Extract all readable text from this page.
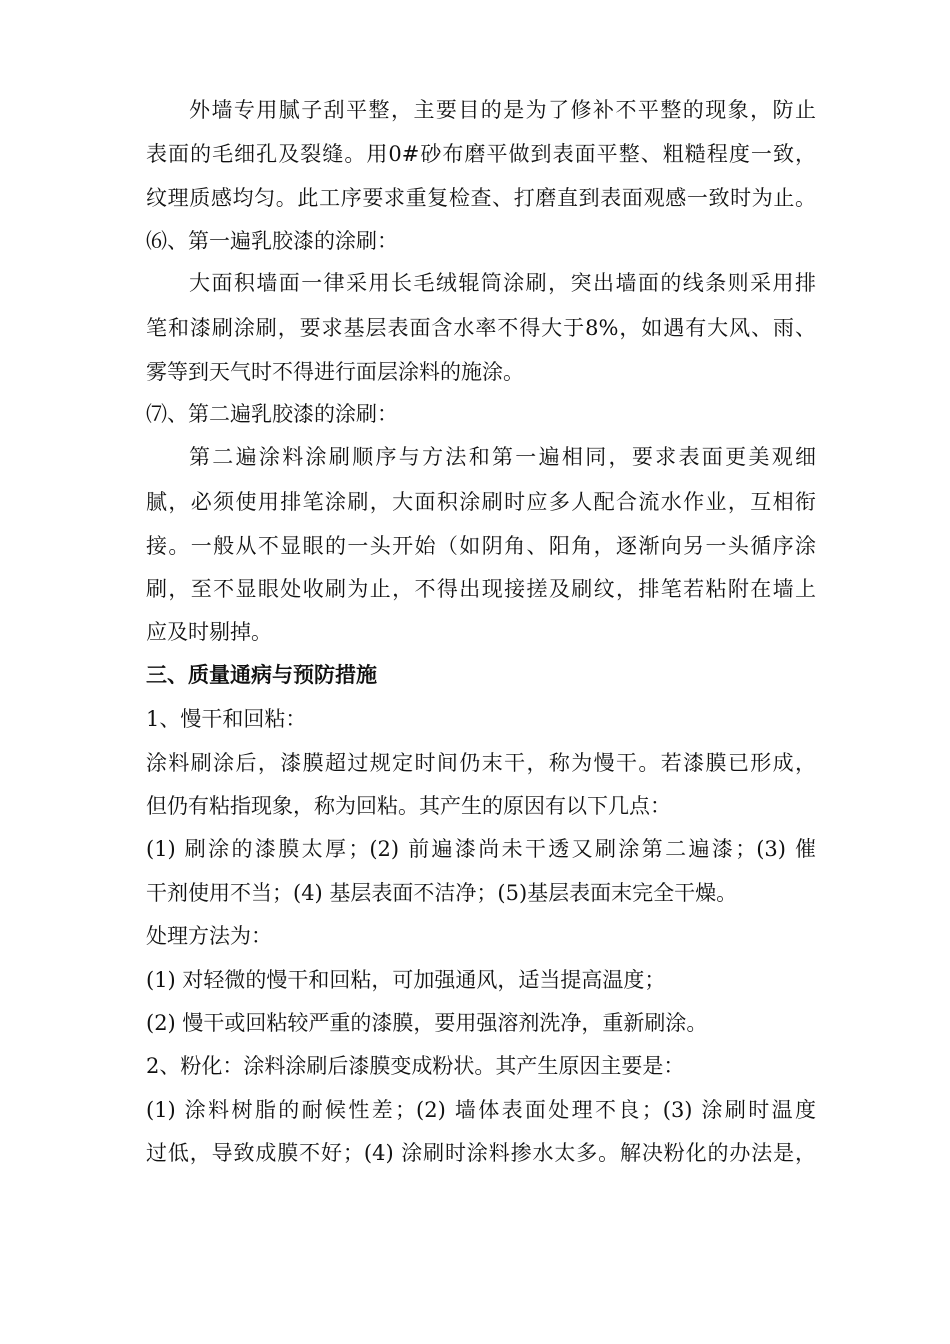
外墙专用腻子刮平整，主要目的是为了修补不平整的现象，防止
表面的毛细孔及裂缝。用0#砂布磨平做到表面平整、粗糙程度一致，
纹理质感均匀。此工序要求重复检查、打磨直到表面观感一致时为止。
⑹、第一遍乳胶漆的涂刷：
大面积墙面一律采用长毛绒辊筒涂刷，突出墙面的线条则采用排
笔和漆刷涂刷，要求基层表面含水率不得大于8%，如遇有大风、雨、
雾等到天气时不得进行面层涂料的施涂。
⑺、第二遍乳胶漆的涂刷：
第二遍涂料涂刷顺序与方法和第一遍相同，要求表面更美观细
腻，必须使用排笔涂刷，大面积涂刷时应多人配合流水作业，互相衔
接。一般从不显眼的一头开始（如阴角、阳角，逐渐向另一头循序涂
刷，至不显眼处收刷为止，不得出现接搓及刷纹，排笔若粘附在墙上
应及时剔掉。
三、质量通病与预防措施
1、慢干和回粘：
涂料刷涂后，漆膜超过规定时间仍末干，称为慢干。若漆膜已形成，
但仍有粘指现象，称为回粘。其产生的原因有以下几点：
(1) 刷涂的漆膜太厚；(2) 前遍漆尚未干透又刷涂第二遍漆；(3) 催
干剂使用不当；(4) 基层表面不洁净；(5)基层表面末完全干燥。
处理方法为：
(1) 对轻微的慢干和回粘，可加强通风，适当提高温度；
(2) 慢干或回粘较严重的漆膜，要用强溶剂洗净，重新刷涂。
2、粉化：涂料涂刷后漆膜变成粉状。其产生原因主要是：
(1) 涂料树脂的耐候性差；(2) 墙体表面处理不良；(3) 涂刷时温度
过低，导致成膜不好；(4) 涂刷时涂料掺水太多。解决粉化的办法是，
